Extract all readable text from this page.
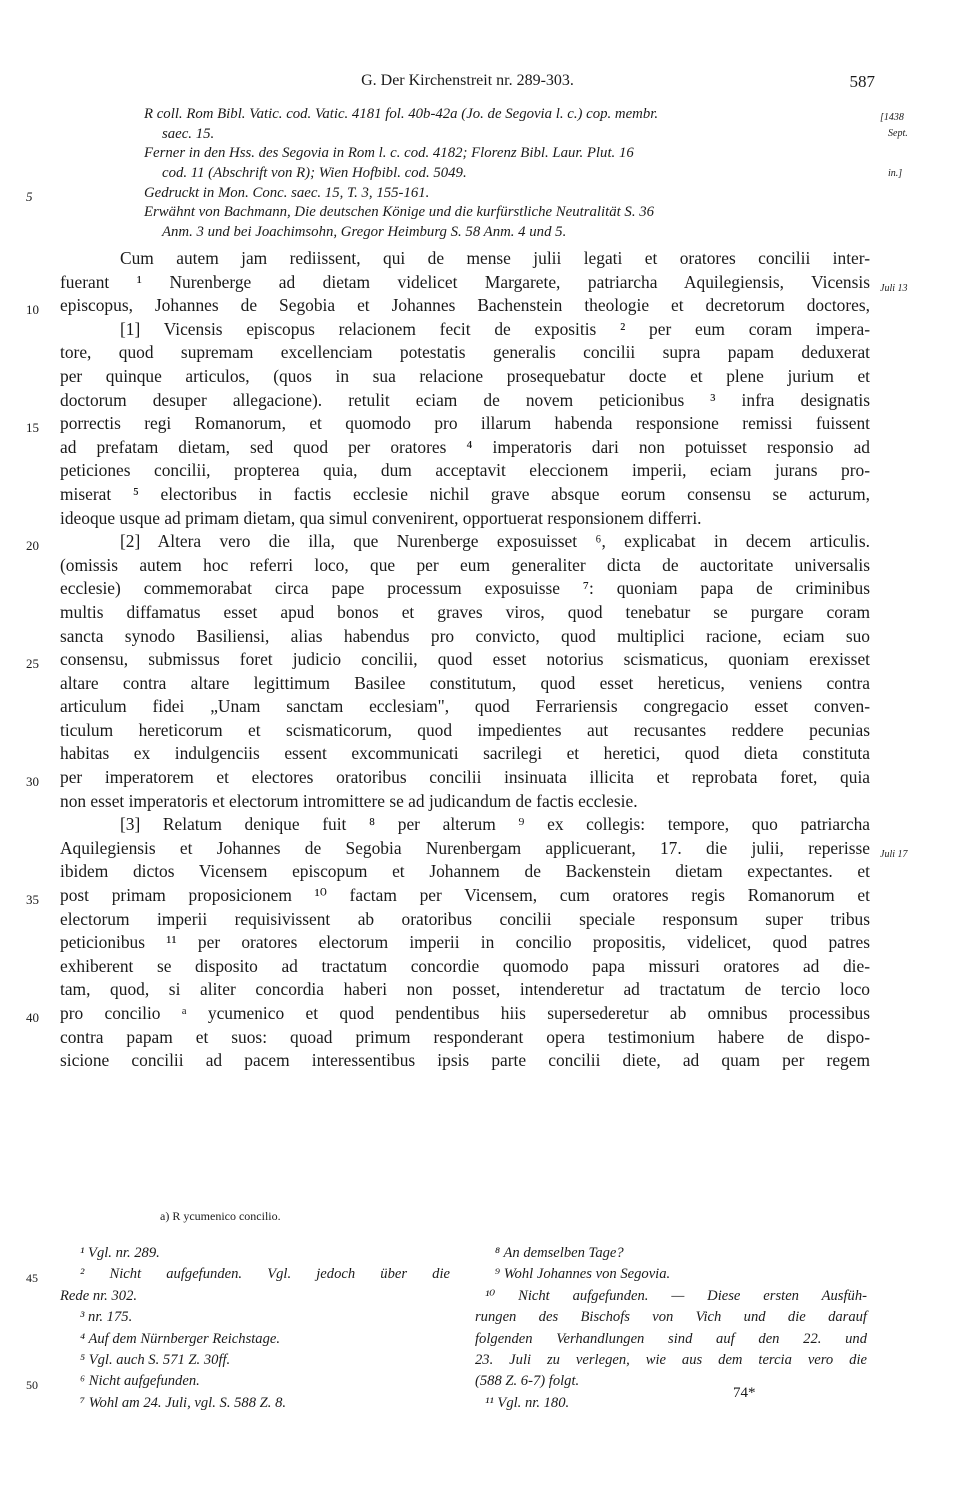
G. Der Kirchenstreit nr. 289-303.	587
[1438
Sept.
in.]
R coll. Rom Bibl. Vatic. cod. Vatic. 4181 fol. 40b-42a (Jo. de Segovia l. c.) cop. membr.
saec. 15.
Ferner in den Hss. des Segovia in Rom l. c. cod. 4182; Florenz Bibl. Laur. Plut. 16
cod. 11 (Abschrift von R); Wien Hofbibl. cod. 5049.
5	Gedruckt in Mon. Conc. saec. 15, T. 3, 155-161.
Erwähnt von Bachmann, Die deutschen Könige und die kurfürstliche Neutralität S. 36
Anm. 3 und bei Joachimsohn, Gregor Heimburg S. 58 Anm. 4 und 5.
Cum autem jam rediissent, qui de mense julii legati et oratores concilii inter-
Juli 13
fuerant ¹ Nurenberge ad dietam videlicet Margarete, patriarcha Aquilegiensis, Vicensis
10 episcopus, Johannes de Segobia et Johannes Bachenstein theologie et decretorum doctores,
[1] Vicensis episcopus relacionem fecit de expositis ² per eum coram impera-
tore, quod supremam excellenciam potestatis generalis concilii supra papam deduxerat
per quinque articulos, (quos in sua relacione prosequebatur docte et plene jurium et
doctorum desuper allegacione). retulit eciam de novem peticionibus ³ infra designatis
15 porrectis regi Romanorum, et quomodo pro illarum habenda responsione remissi fuissent
ad prefatam dietam, sed quod per oratores ⁴ imperatoris dari non potuisset responsio ad
peticiones concilii, propterea quia, dum acceptavit eleccionem imperii, eciam jurans pro-
miserat ⁵ electoribus in factis ecclesie nichil grave absque eorum consensu se acturum,
ideoque usque ad primam dietam, qua simul convenirent, opportuerat responsionem differri.
20	[2] Altera vero die illa, que Nurenberge exposuisset ⁶, explicabat in decem articulis.
(omissis autem hoc referri loco, que per eum generaliter dicta de auctoritate universalis
ecclesie) commemorabat circa pape processum exposuisse ⁷: quoniam papa de criminibus
multis diffamatus esset apud bonos et graves viros, quod tenebatur se purgare coram
sancta synodo Basiliensi, alias habendus pro convicto, quod multiplici racione, eciam suo
25 consensu, submissus foret judicio concilii, quod esset notorius scismaticus, quoniam erexisset
altare contra altare legittimum Basilee constitutum, quod esset hereticus, veniens contra
articulum fidei „Unam sanctam ecclesiam", quod Ferrariensis congregacio esset conven-
ticulum hereticorum et scismaticorum, quod impedientes aut recusantes reddere pecunias
habitas ex indulgenciis essent excommunicati sacrilegi et heretici, quod dieta constituta
30 per imperatorem et electores oratoribus concilii insinuata illicita et reprobata foret, quia
non esset imperatoris et electorum intromittere se ad judicandum de factis ecclesie.
[3] Relatum denique fuit ⁸ per alterum ⁹ ex collegis: tempore, quo patriarcha
Juli 17
Aquilegiensis et Johannes de Segobia Nurenbergam applicuerant, 17. die julii, reperisse
ibidem dictos Vicensem episcopum et Johannem de Backenstein dietam expectantes. et
35 post primam proposicionem ¹⁰ factam per Vicensem, cum oratores regis Romanorum et
electorum imperii requisivissent ab oratoribus concilii speciale responsum super tribus
peticionibus ¹¹ per oratores electorum imperii in concilio propositis, videlicet, quod patres
exhiberent se disposito ad tractatum concordie quomodo papa missuri oratores ad die-
tam, quod, si aliter concordia haberi non posset, intenderetur ad tractatum de tercio loco
40 pro concilio ᵃ ycumenico et quod pendentibus hiis supersederetur ab omnibus processibus
contra papam et suos: quoad primum responderant opera testimonium habere de dispo-
sicione concilii ad pacem interessentibus ipsis parte concilii diete, ad quam per regem
a) R ycumenico concilio.
¹ Vgl. nr. 289.
45	² Nicht aufgefunden. Vgl. jedoch über die
Rede nr. 302.
³ nr. 175.
⁴ Auf dem Nürnberger Reichstage.
⁵ Vgl. auch S. 571 Z. 30ff.
50	⁶ Nicht aufgefunden.
⁷ Wohl am 24. Juli, vgl. S. 588 Z. 8.
⁸ An demselben Tage?
⁹ Wohl Johannes von Segovia.
¹⁰ Nicht aufgefunden. — Diese ersten Ausfüh-
rungen des Bischofs von Vich und die darauf
folgenden Verhandlungen sind auf den 22. und
23. Juli zu verlegen, wie aus dem tercia vero die
(588 Z. 6-7) folgt.
¹¹ Vgl. nr. 180.
74*
